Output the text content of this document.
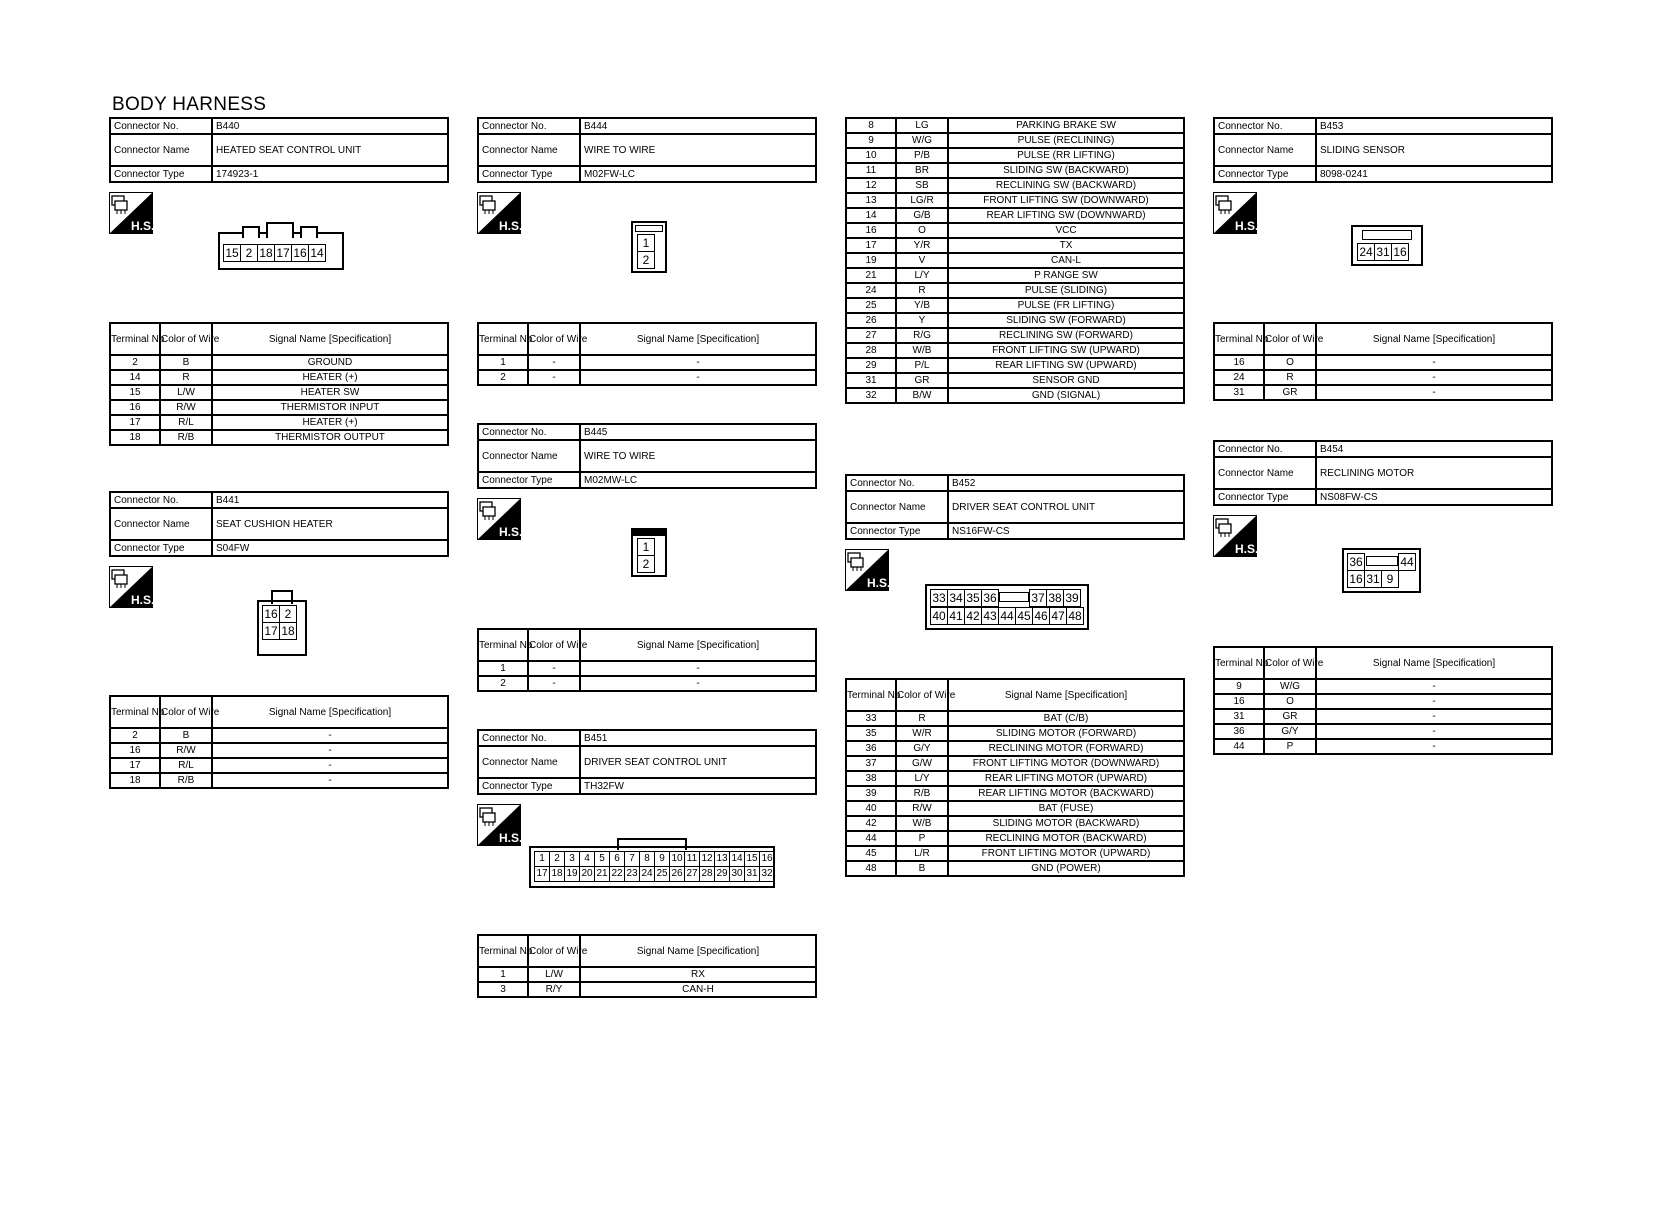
BODY HARNESS
Connector No.	B440
Connector Name	HEATED SEAT CONTROL UNIT
Connector Type	174923-1
H.S.
15	2	18	17	16	14
Terminal No.	Color of Wire	Signal Name [Specification]
2	B	GROUND
14	R	HEATER (+)
15	L/W	HEATER SW
16	R/W	THERMISTOR INPUT
17	R/L	HEATER (+)
18	R/B	THERMISTOR OUTPUT
Connector No.	B441
Connector Name	SEAT CUSHION HEATER
Connector Type	S04FW
H.S.
16	2
17	18
Terminal No.	Color of Wire	Signal Name [Specification]
2	B	-
16	R/W	-
17	R/L	-
18	R/B	-
Connector No.	B444
Connector Name	WIRE TO WIRE
Connector Type	M02FW-LC
H.S.
1
2
Terminal No.	Color of Wire	Signal Name [Specification]
1	-	-
2	-	-
Connector No.	B445
Connector Name	WIRE TO WIRE
Connector Type	M02MW-LC
H.S.
1
2
Terminal No.	Color of Wire	Signal Name [Specification]
1	-	-
2	-	-
Connector No.	B451
Connector Name	DRIVER SEAT CONTROL UNIT
Connector Type	TH32FW
H.S.
1	2	3	4	5	6	7	8	9	10	11	12	13	14	15	16
17	18	19	20	21	22	23	24	25	26	27	28	29	30	31	32
Terminal No.	Color of Wire	Signal Name [Specification]
1	L/W	RX
3	R/Y	CAN-H
8	LG	PARKING BRAKE SW
9	W/G	PULSE (RECLINING)
10	P/B	PULSE (RR LIFTING)
11	BR	SLIDING SW (BACKWARD)
12	SB	RECLINING SW (BACKWARD)
13	LG/R	FRONT LIFTING SW (DOWNWARD)
14	G/B	REAR LIFTING SW (DOWNWARD)
16	O	VCC
17	Y/R	TX
19	V	CAN-L
21	L/Y	P RANGE SW
24	R	PULSE (SLIDING)
25	Y/B	PULSE (FR LIFTING)
26	Y	SLIDING SW (FORWARD)
27	R/G	RECLINING SW (FORWARD)
28	W/B	FRONT LIFTING SW (UPWARD)
29	P/L	REAR LIFTING SW (UPWARD)
31	GR	SENSOR GND
32	B/W	GND (SIGNAL)
Connector No.	B452
Connector Name	DRIVER SEAT CONTROL UNIT
Connector Type	NS16FW-CS
H.S.
33	34	35	36		37	38	39
40	41	42	43	44	45	46	47	48
Terminal No.	Color of Wire	Signal Name [Specification]
33	R	BAT (C/B)
35	W/R	SLIDING MOTOR (FORWARD)
36	G/Y	RECLINING MOTOR (FORWARD)
37	G/W	FRONT LIFTING MOTOR (DOWNWARD)
38	L/Y	REAR LIFTING MOTOR (UPWARD)
39	R/B	REAR LIFTING MOTOR (BACKWARD)
40	R/W	BAT (FUSE)
42	W/B	SLIDING MOTOR (BACKWARD)
44	P	RECLINING MOTOR (BACKWARD)
45	L/R	FRONT LIFTING MOTOR (UPWARD)
48	B	GND (POWER)
Connector No.	B453
Connector Name	SLIDING SENSOR
Connector Type	8098-0241
H.S.
24	31	16
Terminal No.	Color of Wire	Signal Name [Specification]
16	O	-
24	R	-
31	GR	-
Connector No.	B454
Connector Name	RECLINING MOTOR
Connector Type	NS08FW-CS
H.S.
36			44
16	31	9	
Terminal No.	Color of Wire	Signal Name [Specification]
9	W/G	-
16	O	-
31	GR	-
36	G/Y	-
44	P	-
